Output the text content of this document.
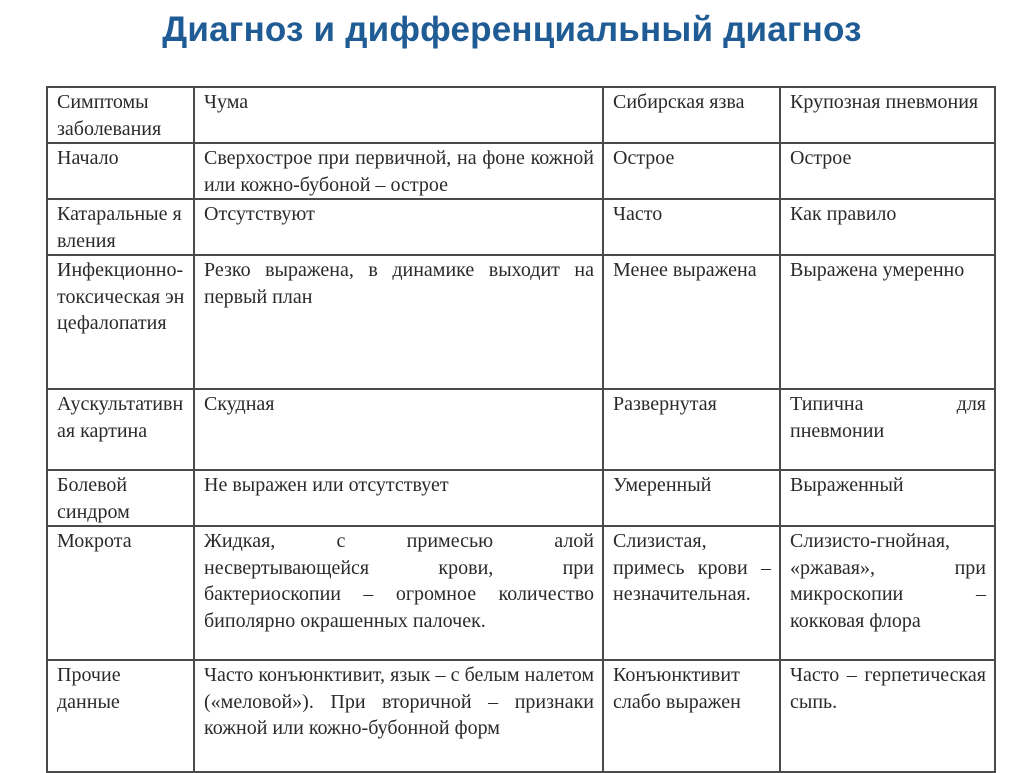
Диагноз и дифференциальный диагноз
Симптомы заболевания	Чума	Сибирская язва	Крупозная пневмония
Начало	Сверхострое при первичной, на фоне кожной или кожно-бубоной – острое	Острое	Острое
Катаральные явления	Отсутствуют	Часто	Как правило
Инфекционно-токсическая энцефалопатия	Резко выражена, в динамике выходит на первый план	Менее выражена	Выражена умеренно
Аускультативная картина	Скудная	Развернутая	Типична для пневмонии
Болевой синдром	Не выражен или отсутствует	Умеренный	Выраженный
Мокрота	Жидкая, с примесью алой несвертывающейся крови, при бактериоскопии – огромное количество биполярно окрашенных палочек.	Слизистая, примесь крови – незначительная.	Слизисто-гнойная, «ржавая», при микроскопии – кокковая флора
Прочие данные	Часто конъюнктивит, язык – с белым налетом («меловой»). При вторичной – признаки кожной или кожно-бубонной форм	Конъюнктивит слабо выражен	Часто – герпетическая сыпь.
